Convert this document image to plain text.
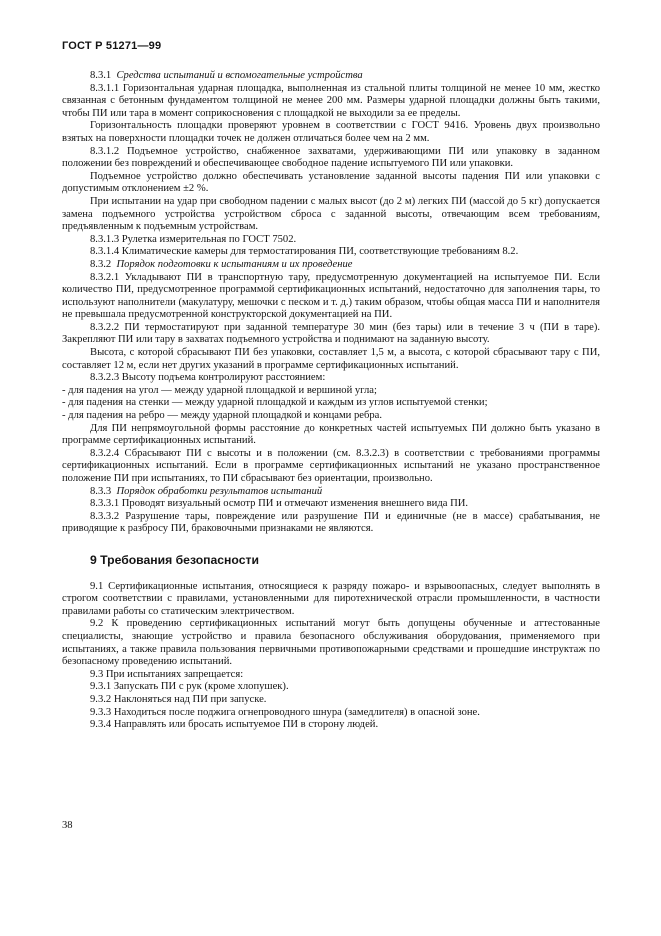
ГОСТ Р 51271—99

8.3.1 Средства испытаний и вспомогательные устройства

8.3.1.1 Горизонтальная ударная площадка, выполненная из стальной плиты толщиной не менее 10 мм, жестко связанная с бетонным фундаментом толщиной не менее 200 мм. Размеры ударной площадки должны быть такими, чтобы ПИ или тара в момент соприкосновения с площадкой не выходили за ее пределы.

Горизонтальность площадки проверяют уровнем в соответствии с ГОСТ 9416. Уровень двух произвольно взятых на поверхности площадки точек не должен отличаться более чем на 2 мм.

8.3.1.2 Подъемное устройство, снабженное захватами, удерживающими ПИ или упаковку в заданном положении без повреждений и обеспечивающее свободное падение испытуемого ПИ или упаковки.

Подъемное устройство должно обеспечивать установление заданной высоты падения ПИ или упаковки с допустимым отклонением ±2 %.

При испытании на удар при свободном падении с малых высот (до 2 м) легких ПИ (массой до 5 кг) допускается замена подъемного устройства устройством сброса с заданной высоты, отвечающим всем требованиям, предъявленным к подъемным устройствам.

8.3.1.3 Рулетка измерительная по ГОСТ 7502.

8.3.1.4 Климатические камеры для термостатирования ПИ, соответствующие требованиям 8.2.

8.3.2 Порядок подготовки к испытаниям и их проведение

8.3.2.1 Укладывают ПИ в транспортную тару, предусмотренную документацией на испытуемое ПИ. Если количество ПИ, предусмотренное программой сертификационных испытаний, недостаточно для заполнения тары, то используют наполнители (макулатуру, мешочки с песком и т. д.) таким образом, чтобы общая масса ПИ и наполнителя не превышала предусмотренной конструкторской документацией на ПИ.

8.3.2.2 ПИ термостатируют при заданной температуре 30 мин (без тары) или в течение 3 ч (ПИ в таре). Закрепляют ПИ или тару в захватах подъемного устройства и поднимают на заданную высоту.

Высота, с которой сбрасывают ПИ без упаковки, составляет 1,5 м, а высота, с которой сбрасывают тару с ПИ, составляет 12 м, если нет других указаний в программе сертификационных испытаний.

8.3.2.3 Высоту подъема контролируют расстоянием:

- для падения на угол — между ударной площадкой и вершиной угла;

- для падения на стенки — между ударной площадкой и каждым из углов испытуемой стенки;

- для падения на ребро — между ударной площадкой и концами ребра.

Для ПИ непрямоугольной формы расстояние до конкретных частей испытуемых ПИ должно быть указано в программе сертификационных испытаний.

8.3.2.4 Сбрасывают ПИ с высоты и в положении (см. 8.3.2.3) в соответствии с требованиями программы сертификационных испытаний. Если в программе сертификационных испытаний не указано пространственное положение ПИ при испытаниях, то ПИ сбрасывают без ориентации, произвольно.

8.3.3 Порядок обработки результатов испытаний

8.3.3.1 Проводят визуальный осмотр ПИ и отмечают изменения внешнего вида ПИ.

8.3.3.2 Разрушение тары, повреждение или разрушение ПИ и единичные (не в массе) срабатывания, не приводящие к разбросу ПИ, браковочными признаками не являются.

9 Требования безопасности

9.1 Сертификационные испытания, относящиеся к разряду пожаро- и взрывоопасных, следует выполнять в строгом соответствии с правилами, установленными для пиротехнической отрасли промышленности, в частности правилами работы со статическим электричеством.

9.2 К проведению сертификационных испытаний могут быть допущены обученные и аттестованные специалисты, знающие устройство и правила безопасного обслуживания оборудования, применяемого при испытаниях, а также правила пользования первичными противопожарными средствами и прошедшие инструктаж по безопасному проведению испытаний.

9.3 При испытаниях запрещается:

9.3.1 Запускать ПИ с рук (кроме хлопушек).

9.3.2 Наклоняться над ПИ при запуске.

9.3.3 Находиться после поджига огнепроводного шнура (замедлителя) в опасной зоне.

9.3.4 Направлять или бросать испытуемое ПИ в сторону людей.

38
